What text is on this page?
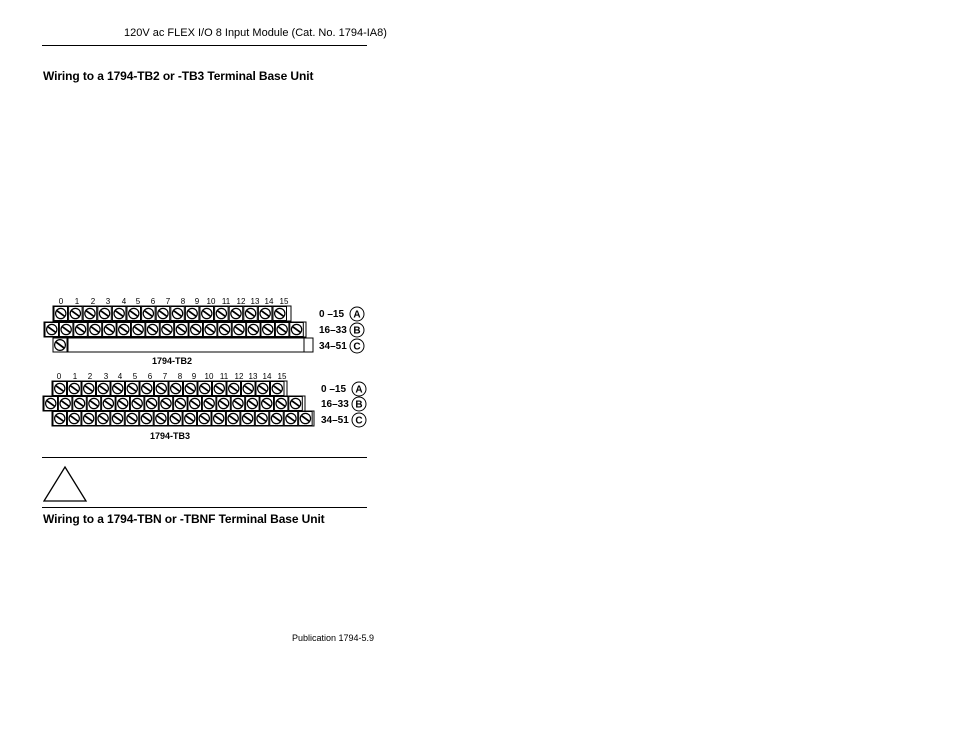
120V ac FLEX I/O 8 Input Module (Cat. No. 1794-IA8)
Wiring to a 1794-TB2 or -TB3 Terminal Base Unit
0 1 2 3 4 5 6 7 8 9 10 11 12 13 14 15
0 –15 A
16–33 B
34–51 C
1794-TB2
0 1 2 3 4 5 6 7 8 9 10 11 12 13 14 15
0 –15 A
16–33 B
34–51 C
1794-TB3
Wiring to a 1794-TBN or -TBNF Terminal Base Unit
Publication 1794-5.9
